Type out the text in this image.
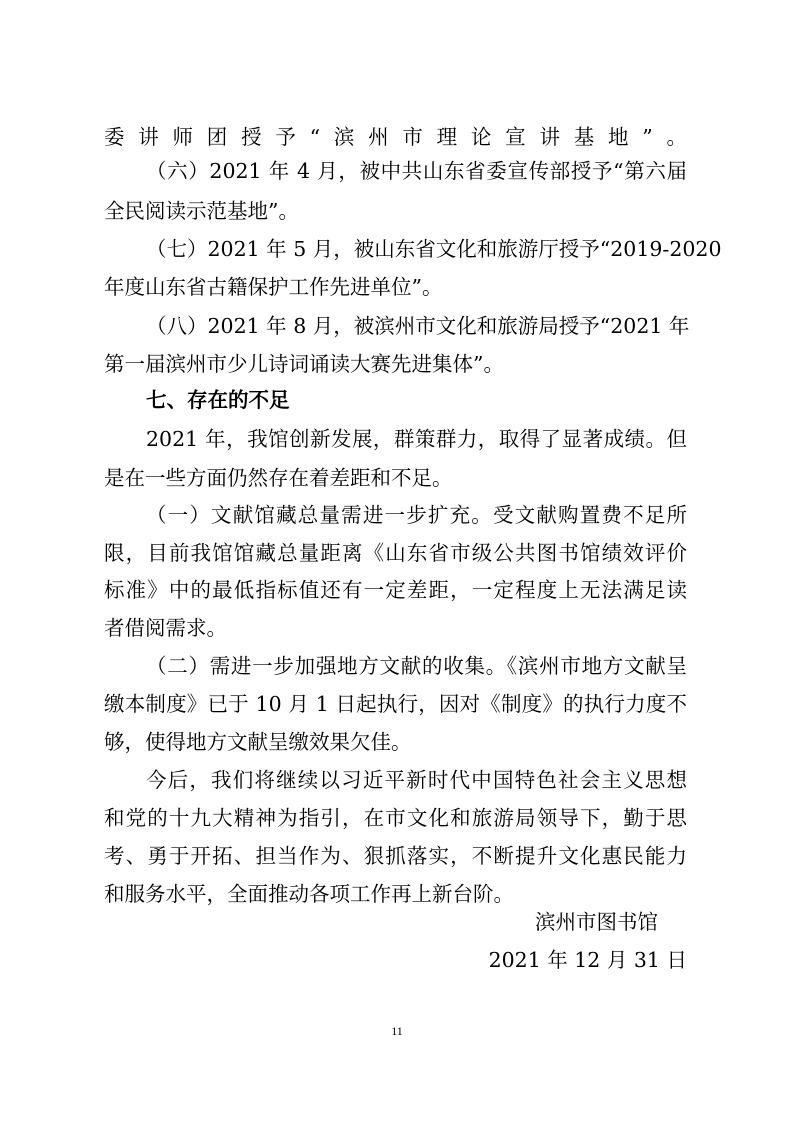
委讲师团授予“滨州市理论宣讲基地”。
（六）2021 年 4 月，被中共山东省委宣传部授予“第六届
全民阅读示范基地”。
（七）2021 年 5 月，被山东省文化和旅游厅授予“2019-2020
年度山东省古籍保护工作先进单位”。
（八）2021 年 8 月，被滨州市文化和旅游局授予“2021 年
第一届滨州市少儿诗词诵读大赛先进集体”。
七、存在的不足
2021 年，我馆创新发展，群策群力，取得了显著成绩。但
是在一些方面仍然存在着差距和不足。
（一）文献馆藏总量需进一步扩充。受文献购置费不足所
限，目前我馆馆藏总量距离《山东省市级公共图书馆绩效评价
标准》中的最低指标值还有一定差距，一定程度上无法满足读
者借阅需求。
（二）需进一步加强地方文献的收集。《滨州市地方文献呈
缴本制度》已于 10 月 1 日起执行，因对《制度》的执行力度不
够，使得地方文献呈缴效果欠佳。
今后，我们将继续以习近平新时代中国特色社会主义思想
和党的十九大精神为指引，在市文化和旅游局领导下，勤于思
考、勇于开拓、担当作为、狠抓落实，不断提升文化惠民能力
和服务水平，全面推动各项工作再上新台阶。
滨州市图书馆
2021 年 12 月 31 日
11
